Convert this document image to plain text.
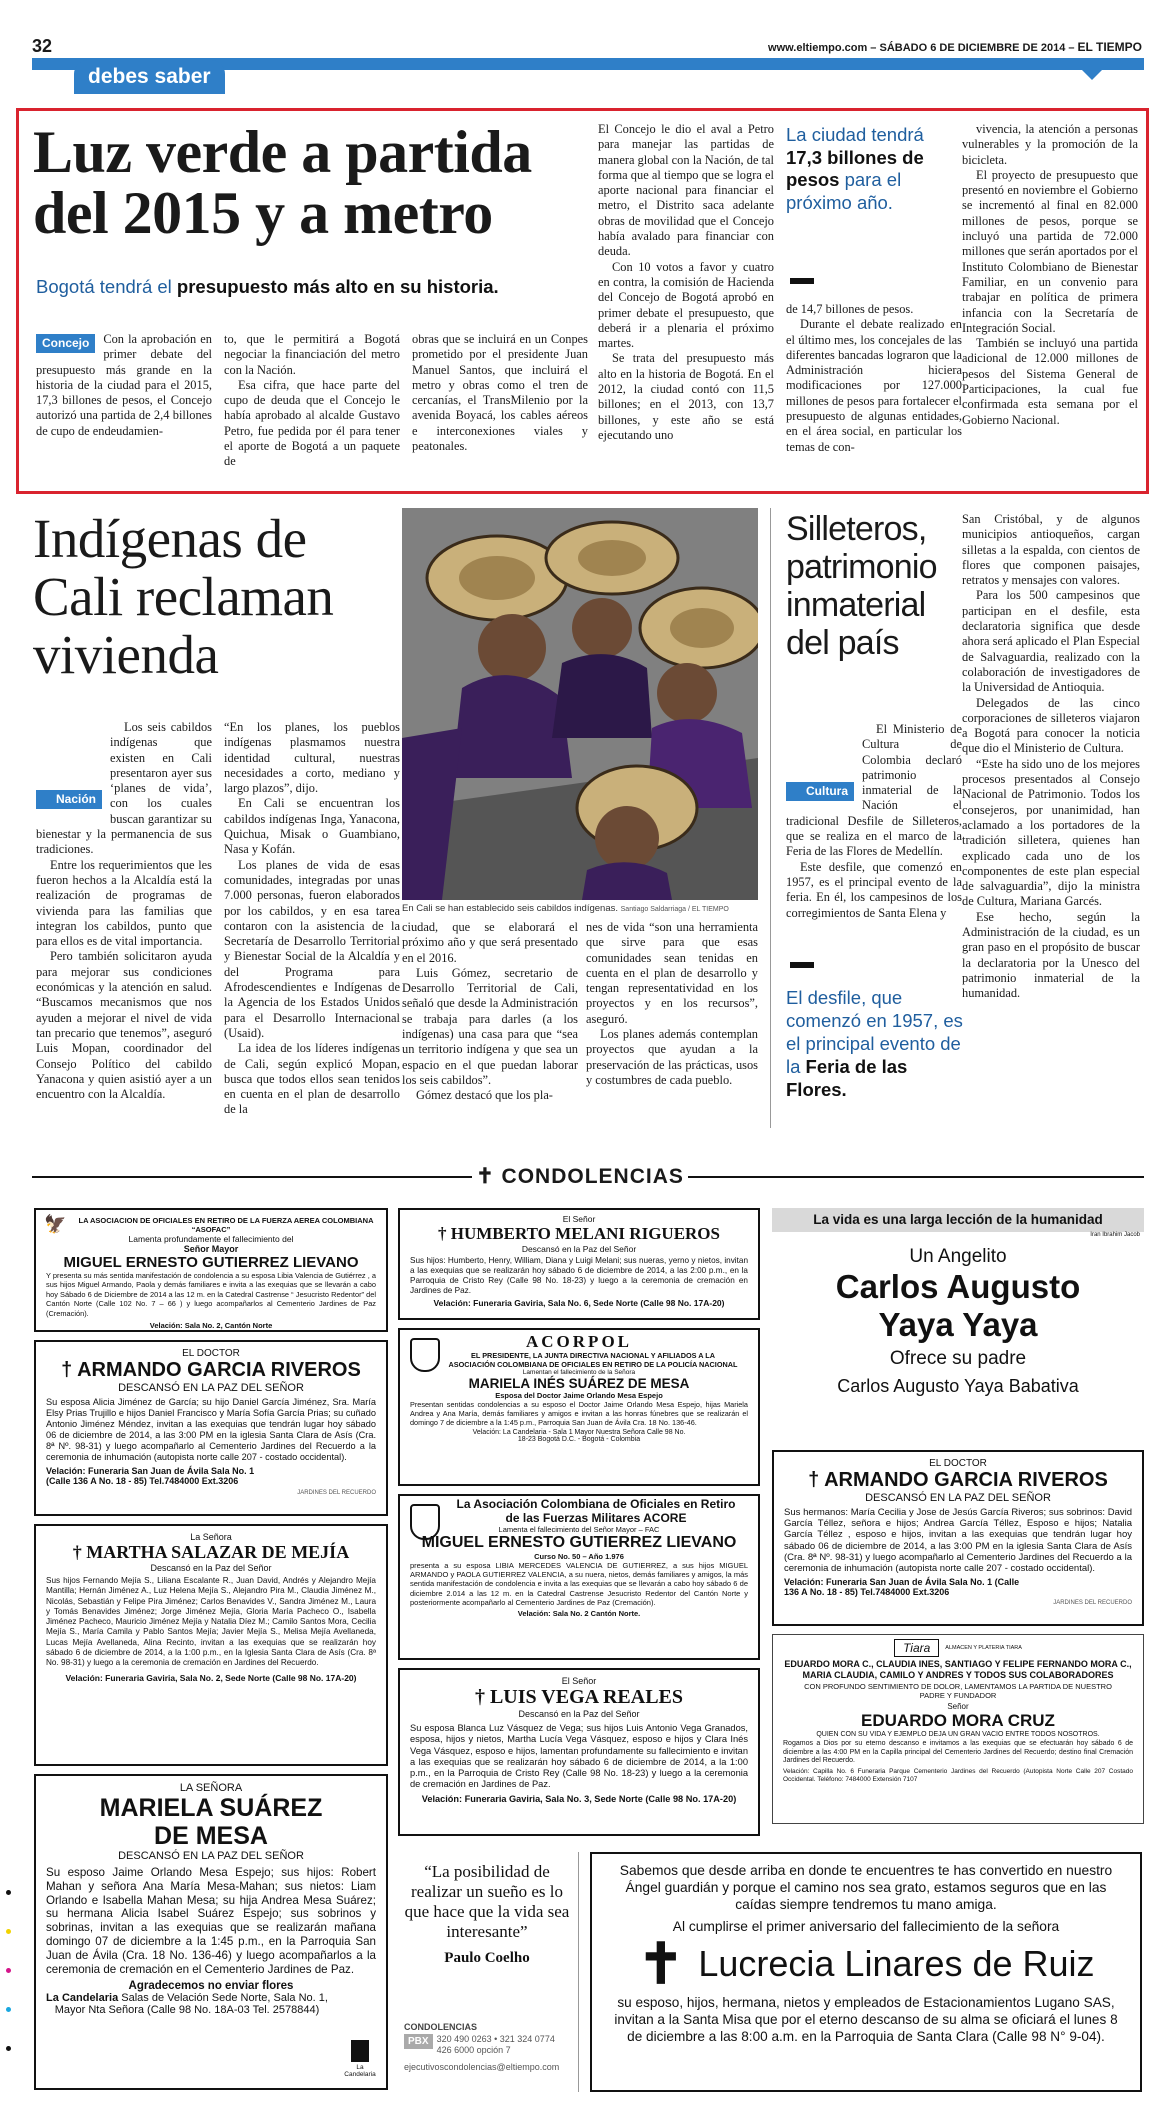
32	www.eltiempo.com – SÁBADO 6 DE DICIEMBRE DE 2014 – EL TIEMPO
debes saber
Luz verde a partida
del 2015 y a metro
Bogotá tendrá el presupuesto más alto en su historia.
Concejo	Con la aprobación en primer debate del presupuesto más grande en la historia de la ciudad para el 2015, 17,3 billones de pesos, el Concejo autorizó una partida de 2,4 billones de cupo de endeudamien-

to, que le permitirá a Bogotá negociar la financiación del metro con la Nación.

Esa cifra, que hace parte del cupo de deuda que el Concejo le había aprobado al alcalde Gustavo Petro, fue pedida por él para tener el aporte de Bogotá a un paquete de

obras que se incluirá en un Conpes prometido por el presidente Juan Manuel Santos, que incluirá el metro y obras como el tren de cercanías, el TransMilenio por la avenida Boyacá, los cables aéreos e interconexiones viales y peatonales.

El Concejo le dio el aval a Petro para manejar las partidas de manera global con la Nación, de tal forma que al tiempo que se logra el aporte nacional para financiar el metro, el Distrito saca adelante obras de movilidad que el Concejo había avalado para financiar con deuda.

Con 10 votos a favor y cuatro en contra, la comisión de Hacienda del Concejo de Bogotá aprobó en primer debate el presupuesto, que deberá ir a plenaria el próximo martes.

Se trata del presupuesto más alto en la historia de Bogotá. En el 2012, la ciudad contó con 11,5 billones; en el 2013, con 13,7 billones, y este año se está ejecutando uno

La ciudad tendrá 17,3 billones de pesos para el próximo año.

de 14,7 billones de pesos.

Durante el debate realizado en el último mes, los concejales de las diferentes bancadas lograron que la Administración hiciera modificaciones por 127.000 millones de pesos para fortalecer el presupuesto de algunas entidades, en el área social, en particular los temas de con-

vivencia, la atención a personas vulnerables y la promoción de la bicicleta.

El proyecto de presupuesto que presentó en noviembre el Gobierno se incrementó al final en 82.000 millones de pesos, porque se incluyó una partida de 72.000 millones que serán aportados por el Instituto Colombiano de Bienestar Familiar, en un convenio para trabajar en política de primera infancia con la Secretaría de Integración Social.

También se incluyó una partida adicional de 12.000 millones de pesos del Sistema General de Participaciones, la cual fue confirmada esta semana por el Gobierno Nacional.

Indígenas de Cali reclaman vivienda

Nación
Los seis cabildos indígenas que existen en Cali presentaron ayer sus ‘planes de vida’, con los cuales buscan garantizar su bienestar y la permanencia de sus tradiciones.

Entre los requerimientos que les fueron hechos a la Alcaldía está la realización de programas de vivienda para las familias que integran los cabildos, punto que para ellos es de vital importancia.

Pero también solicitaron ayuda para mejorar sus condiciones económicas y la atención en salud. “Buscamos mecanismos que nos ayuden a mejorar el nivel de vida tan precario que tenemos”, aseguró Luis Mopan, coordinador del Consejo Político del cabildo Yanacona y quien asistió ayer a un encuentro con la Alcaldía.

“En los planes, los pueblos indígenas plasmamos nuestra identidad cultural, nuestras necesidades a corto, mediano y largo plazos”, dijo.

En Cali se encuentran los cabildos indígenas Inga, Yanacona, Quichua, Misak o Guambiano, Nasa y Kofán.

Los planes de vida de esas comunidades, integradas por unas 7.000 personas, fueron elaborados por los cabildos, y en esa tarea contaron con la asistencia de la Secretaría de Desarrollo Territorial y Bienestar Social de la Alcaldía y del Programa para Afrodescendientes e Indígenas de la Agencia de los Estados Unidos para el Desarrollo Internacional (Usaid).

La idea de los líderes indígenas de Cali, según explicó Mopan, busca que todos ellos sean tenidos en cuenta en el plan de desarrollo de la

En Cali se han establecido seis cabildos indígenas. Santiago Saldarriaga / EL TIEMPO

ciudad, que se elaborará el próximo año y que será presentado en el 2016.

Luis Gómez, secretario de Desarrollo Territorial de Cali, señaló que desde la Administración se trabaja para darles (a los indígenas) una casa para que “sea un territorio indígena y que sea un espacio en el que puedan laborar los seis cabildos”.

Gómez destacó que los pla-

nes de vida “son una herramienta que sirve para que esas comunidades sean tenidas en cuenta en el plan de desarrollo y tengan representatividad en los proyectos y en los recursos”, aseguró.

Los planes además contemplan proyectos que ayudan a la preservación de las prácticas, usos y costumbres de cada pueblo.

Silleteros, patrimonio inmaterial del país

Cultura
El Ministerio de Cultura de Colombia declaró patrimonio inmaterial de la Nación el tradicional Desfile de Silleteros, que se realiza en el marco de la Feria de las Flores de Medellín.

Este desfile, que comenzó en 1957, es el principal evento de la feria. En él, los campesinos de los corregimientos de Santa Elena y

El desfile, que comenzó en 1957, es el principal evento de la Feria de las Flores.

San Cristóbal, y de algunos municipios antioqueños, cargan silletas a la espalda, con cientos de flores que componen paisajes, retratos y mensajes con valores.

Para los 500 campesinos que participan en el desfile, esta declaratoria significa que desde ahora será aplicado el Plan Especial de Salvaguardia, realizado con la colaboración de investigadores de la Universidad de Antioquia.

Delegados de las cinco corporaciones de silleteros viajaron a Bogotá para conocer la noticia que dio el Ministerio de Cultura.

“Este ha sido uno de los mejores procesos presentados al Consejo Nacional de Patrimonio. Todos los consejeros, por unanimidad, han aclamado a los portadores de la tradición silletera, quienes han explicado cada uno de los componentes de este plan especial de salvaguardia”, dijo la ministra de Cultura, Mariana Garcés.

Ese hecho, según la Administración de la ciudad, es un gran paso en el propósito de buscar la declaratoria por la Unesco del patrimonio inmaterial de la humanidad.

✝ CONDOLENCIAS
🦅	LA ASOCIACION DE OFICIALES EN RETIRO DE LA FUERZA AEREA COLOMBIANA
“ASOFAC”
Lamenta profundamente el fallecimiento del
Señor Mayor
MIGUEL ERNESTO GUTIERREZ LIEVANO
Y presenta su más sentida manifestación de condolencia a su esposa Libia Valencia de Gutiérrez , a sus hijos Miguel Armando, Paola y demás familiares e invita a las exequias que se llevarán a cabo hoy Sábado 6 de Diciembre de 2014 a las 12 m. en la Catedral Castrense “ Jesucristo Redentor” del Cantón Norte (Calle 102 No. 7 – 66 ) y luego acompañarlos al Cementerio Jardines de Paz (Cremación).
Velación: Sala No. 2, Cantón Norte
EL DOCTOR
† ARMANDO GARCIA RIVEROS
DESCANSÓ EN LA PAZ DEL SEÑOR
Su esposa Alicia Jiménez de García; su hijo Daniel García Jiménez, Sra. María Elsy Prias Trujillo e hijos Daniel Francisco y María Sofía García Prias; su cuñado Antonio Jiménez Méndez, invitan a las exequias que tendrán lugar hoy sábado 06 de diciembre de 2014, a las 3:00 PM en la iglesia Santa Clara de Asís (Cra. 8ª Nº. 98-31) y luego acompañarlo al Cementerio Jardines del Recuerdo a la ceremonia de inhumación (autopista norte calle 207 - costado occidental).
Velación: Funeraria San Juan de Ávila Sala No. 1 (Calle 136 A No. 18 - 85) Tel.7484000 Ext.3206
JARDINES DEL RECUERDO
La Señora
† MARTHA SALAZAR DE MEJÍA
Descansó en la Paz del Señor
Sus hijos Fernando Mejía S., Liliana Escalante R., Juan David, Andrés y Alejandro Mejía Mantilla; Hernán Jiménez A., Luz Helena Mejía S., Alejandro Pira M., Claudia Jiménez M., Nicolás, Sebastián y Felipe Pira Jiménez; Carlos Benavides V., Sandra Jiménez M., Laura y Tomás Benavides Jiménez; Jorge Jiménez Mejía, Gloria María Pacheco O., Isabella Jiménez Pacheco, Mauricio Jiménez Mejía y Natalia Díez M.; Camilo Santos Mora, Cecilia Mejía S., María Camila y Pablo Santos Mejía; Javier Mejía S., Melisa Mejía Avellaneda, Lucas Mejía Avellaneda, Alina Recinto, invitan a las exequias que se realizarán hoy sábado 6 de diciembre de 2014, a la 1:00 p.m., en la Iglesia Santa Clara de Asís (Cra. 8ª No. 98-31) y luego a la ceremonia de cremación en Jardines del Recuerdo.
Velación: Funeraria Gaviria, Sala No. 2, Sede Norte (Calle 98 No. 17A-20)
LA SEÑORA
MARIELA SUÁREZ
DE MESA
DESCANSÓ EN LA PAZ DEL SEÑOR
Su esposo Jaime Orlando Mesa Espejo; sus hijos: Robert Mahan y señora Ana María Mesa-Mahan; sus nietos: Liam Orlando e Isabella Mahan Mesa; su hija Andrea Mesa Suárez; su hermana Alicia Isabel Suárez Espejo; sus sobrinos y sobrinas, invitan a las exequias que se realizarán mañana domingo 07 de diciembre a la 1:45 p.m., en la Parroquia San Juan de Ávila (Cra. 18 No. 136-46) y luego acompañarlos a la ceremonia de cremación en el Cementerio Jardines de Paz.
Agradecemos no enviar flores
La Candelaria Salas de Velación Sede Norte, Sala No. 1, Mayor Nta Señora (Calle 98 No. 18A-03 Tel. 2578844)
La Candelaria
El Señor
† HUMBERTO MELANI RIGUEROS
Descansó en la Paz del Señor
Sus hijos: Humberto, Henry, William, Diana y Luigi Melani; sus nueras, yerno y nietos, invitan a las exequias que se realizarán hoy sábado 6 de diciembre de 2014, a las 2:00 p.m., en la Parroquia de Cristo Rey (Calle 98 No. 18-23) y luego a la ceremonia de cremación en Jardines de Paz.
Velación: Funeraria Gaviria, Sala No. 6, Sede Norte (Calle 98 No. 17A-20)
ACORPOL
EL PRESIDENTE, LA JUNTA DIRECTIVA NACIONAL Y AFILIADOS A LA ASOCIACIÓN COLOMBIANA DE OFICIALES EN RETIRO DE LA POLICÍA NACIONAL
Lamentan el fallecimiento de la Señora
MARIELA INÉS SUÁREZ DE MESA
Esposa del Doctor Jaime Orlando Mesa Espejo
Presentan sentidas condolencias a su esposo el Doctor Jaime Orlando Mesa Espejo, hijas Mariela Andrea y Ana María, demás familiares y amigos e invitan a las honras fúnebres que se realizarán el domingo 7 de diciembre a la 1:45 p.m., Parroquia San Juan de Ávila Cra. 18 No. 136-46.
Velación: La Candelaria - Sala 1 Mayor Nuestra Señora Calle 98 No. 18-23 Bogotá D.C. - Bogotá - Colombia
La Asociación Colombiana de Oficiales en Retiro de las Fuerzas Militares ACORE
Lamenta el fallecimiento del Señor Mayor – FAC
MIGUEL ERNESTO GUTIERREZ LIEVANO
Curso No. 50 – Año 1.976
presenta a su esposa LIBIA MERCEDES VALENCIA DE GUTIERREZ, a sus hijos MIGUEL ARMANDO y PAOLA GUTIERREZ VALENCIA, a su nuera, nietos, demás familiares y amigos, la más sentida manifestación de condolencia e invita a las exequias que se llevarán a cabo hoy sábado 6 de diciembre 2.014 a las 12 m. en la Catedral Castrense Jesucristo Redentor del Cantón Norte y posteriormente acompañarlo al Cementerio Jardines de Paz (Cremación).
Velación: Sala No. 2 Cantón Norte.
El Señor
† LUIS VEGA REALES
Descansó en la Paz del Señor
Su esposa Blanca Luz Vásquez de Vega; sus hijos Luis Antonio Vega Granados, esposa, hijos y nietos, Martha Lucía Vega Vásquez, esposo e hijos y Clara Inés Vega Vásquez, esposo e hijos, lamentan profundamente su fallecimiento e invitan a las exequias que se realizarán hoy sábado 6 de diciembre de 2014, a la 1:00 p.m., en la Parroquia de Cristo Rey (Calle 98 No. 18-23) y luego a la ceremonia de cremación en Jardines de Paz.
Velación: Funeraria Gaviria, Sala No. 3, Sede Norte (Calle 98 No. 17A-20)
“La posibilidad de realizar un sueño es lo que hace que la vida sea interesante”
Paulo Coelho
CONDOLENCIAS
PBX 320 490 0263 • 321 324 0774
426 6000 opción 7
ejecutivoscondolencias@eltiempo.com
La vida es una larga lección de la humanidad
Iran Ibrahim Jacob
Un Angelito
Carlos Augusto
Yaya Yaya
Ofrece su padre
Carlos Augusto Yaya Babativa
EL DOCTOR
† ARMANDO GARCIA RIVEROS
DESCANSÓ EN LA PAZ DEL SEÑOR
Sus hermanos: María Cecilia y Jose de Jesús García Riveros; sus sobrinos: David García Téllez, señora e hijos; Andrea García Téllez, Esposo e hijos; Natalia García Téllez , esposo e hijos, invitan a las exequias que tendrán lugar hoy sábado 06 de diciembre de 2014, a las 3:00 PM en la iglesia Santa Clara de Asís (Cra. 8ª Nº. 98-31) y luego acompañarlo al Cementerio Jardines del Recuerdo a la ceremonia de inhumación (autopista norte calle 207 - costado occidental).
Velación: Funeraria San Juan de Ávila Sala No. 1 (Calle 136 A No. 18 - 85) Tel.7484000 Ext.3206
JARDINES DEL RECUERDO
Tiara	ALMACEN Y PLATERIA TIARA
EDUARDO MORA C., CLAUDIA INES, SANTIAGO Y FELIPE FERNANDO MORA C., MARIA CLAUDIA, CAMILO Y ANDRES Y TODOS SUS COLABORADORES
CON PROFUNDO SENTIMIENTO DE DOLOR, LAMENTAMOS LA PARTIDA DE NUESTRO PADRE Y FUNDADOR
Señor
EDUARDO MORA CRUZ
QUIEN CON SU VIDA Y EJEMPLO DEJA UN GRAN VACIO ENTRE TODOS NOSOTROS.
Rogamos a Dios por su eterno descanso e invitamos a las exequias que se efectuarán hoy sábado 6 de diciembre a las 4:00 PM en la Capilla principal del Cementerio Jardines del Recuerdo; destino final Cremación Jardines del Recuerdo.
Velación: Capilla No. 6 Funeraria Parque Cementerio Jardines del Recuerdo (Autopista Norte Calle 207 Costado Occidental. Teléfono: 7484000 Extensión 7107
Sabemos que desde arriba en donde te encuentres te has convertido en nuestro Ángel guardián y porque el camino nos sea grato, estamos seguros que en las caídas siempre tendremos tu mano amiga.
Al cumplirse el primer aniversario del fallecimiento de la señora
✝ Lucrecia Linares de Ruiz
su esposo, hijos, hermana, nietos y empleados de Estacionamientos Lugano SAS, invitan a la Santa Misa que por el eterno descanso de su alma se oficiará el lunes 8 de diciembre a las 8:00 a.m. en la Parroquia de Santa Clara (Calle 98 N° 9-04).
